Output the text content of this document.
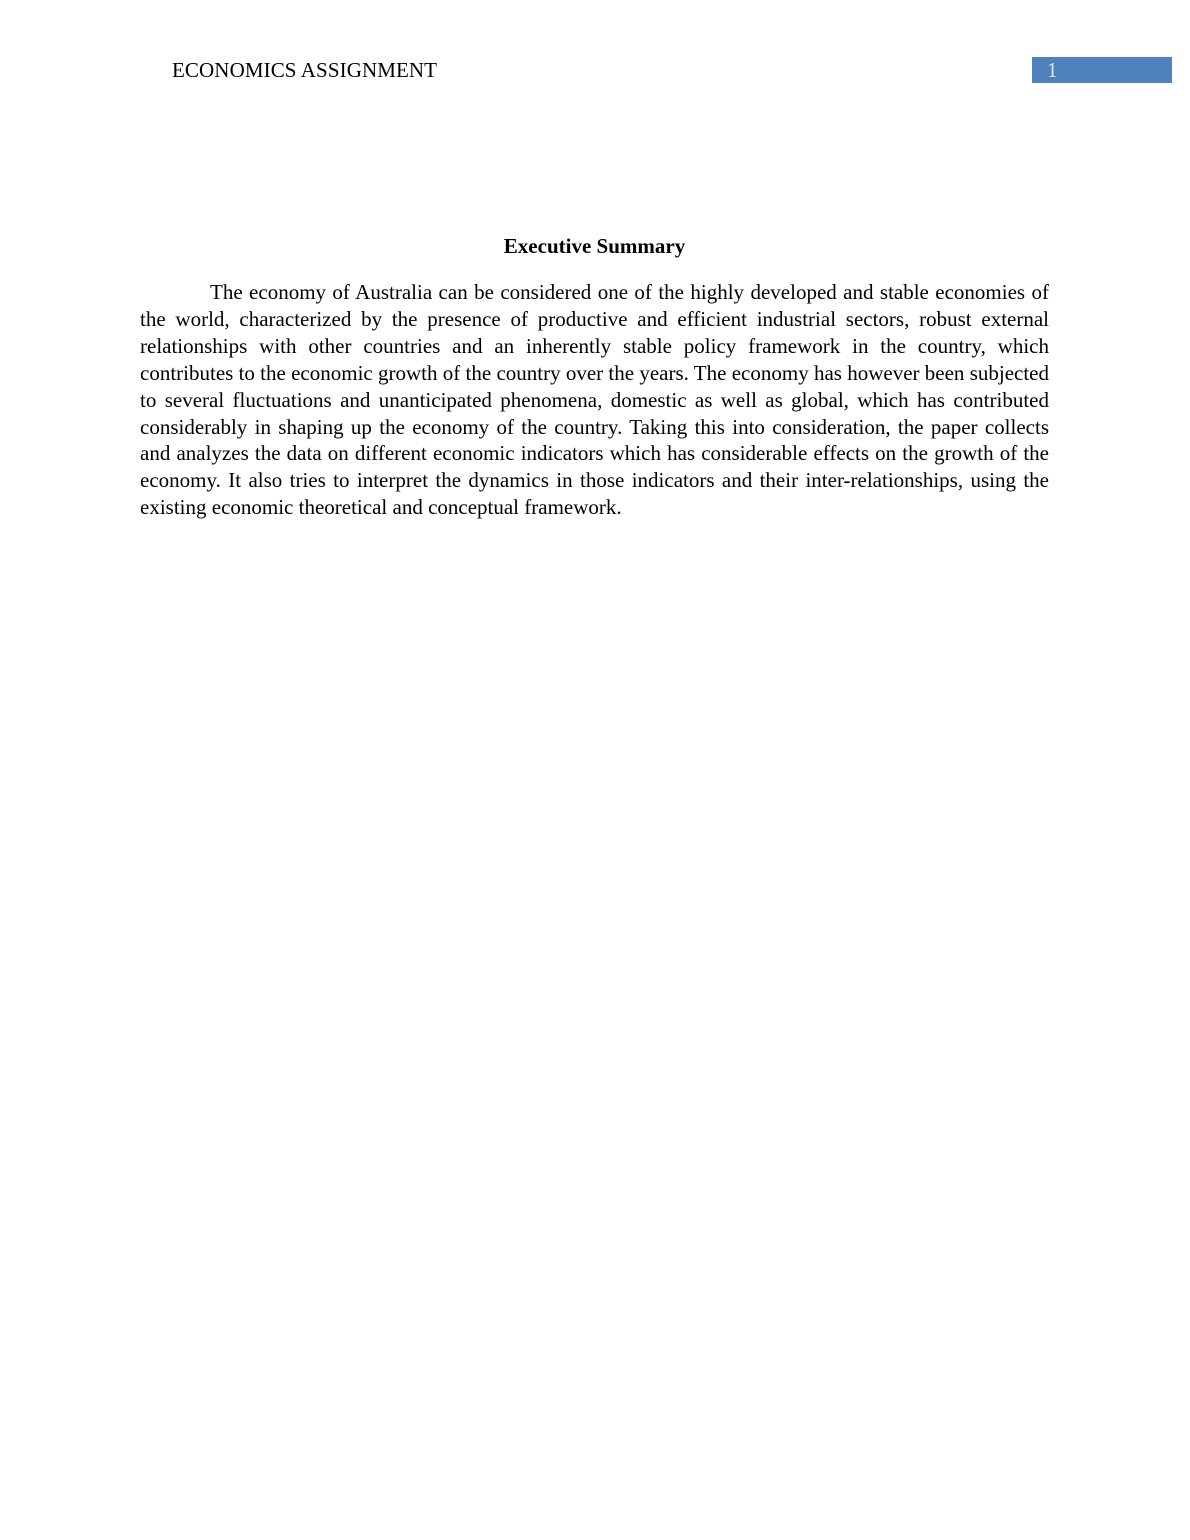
ECONOMICS ASSIGNMENT	1
Executive Summary

The economy of Australia can be considered one of the highly developed and stable economies of the world, characterized by the presence of productive and efficient industrial sectors, robust external relationships with other countries and an inherently stable policy framework in the country, which contributes to the economic growth of the country over the years. The economy has however been subjected to several fluctuations and unanticipated phenomena, domestic as well as global, which has contributed considerably in shaping up the economy of the country. Taking this into consideration, the paper collects and analyzes the data on different economic indicators which has considerable effects on the growth of the economy. It also tries to interpret the dynamics in those indicators and their inter-relationships, using the existing economic theoretical and conceptual framework.
